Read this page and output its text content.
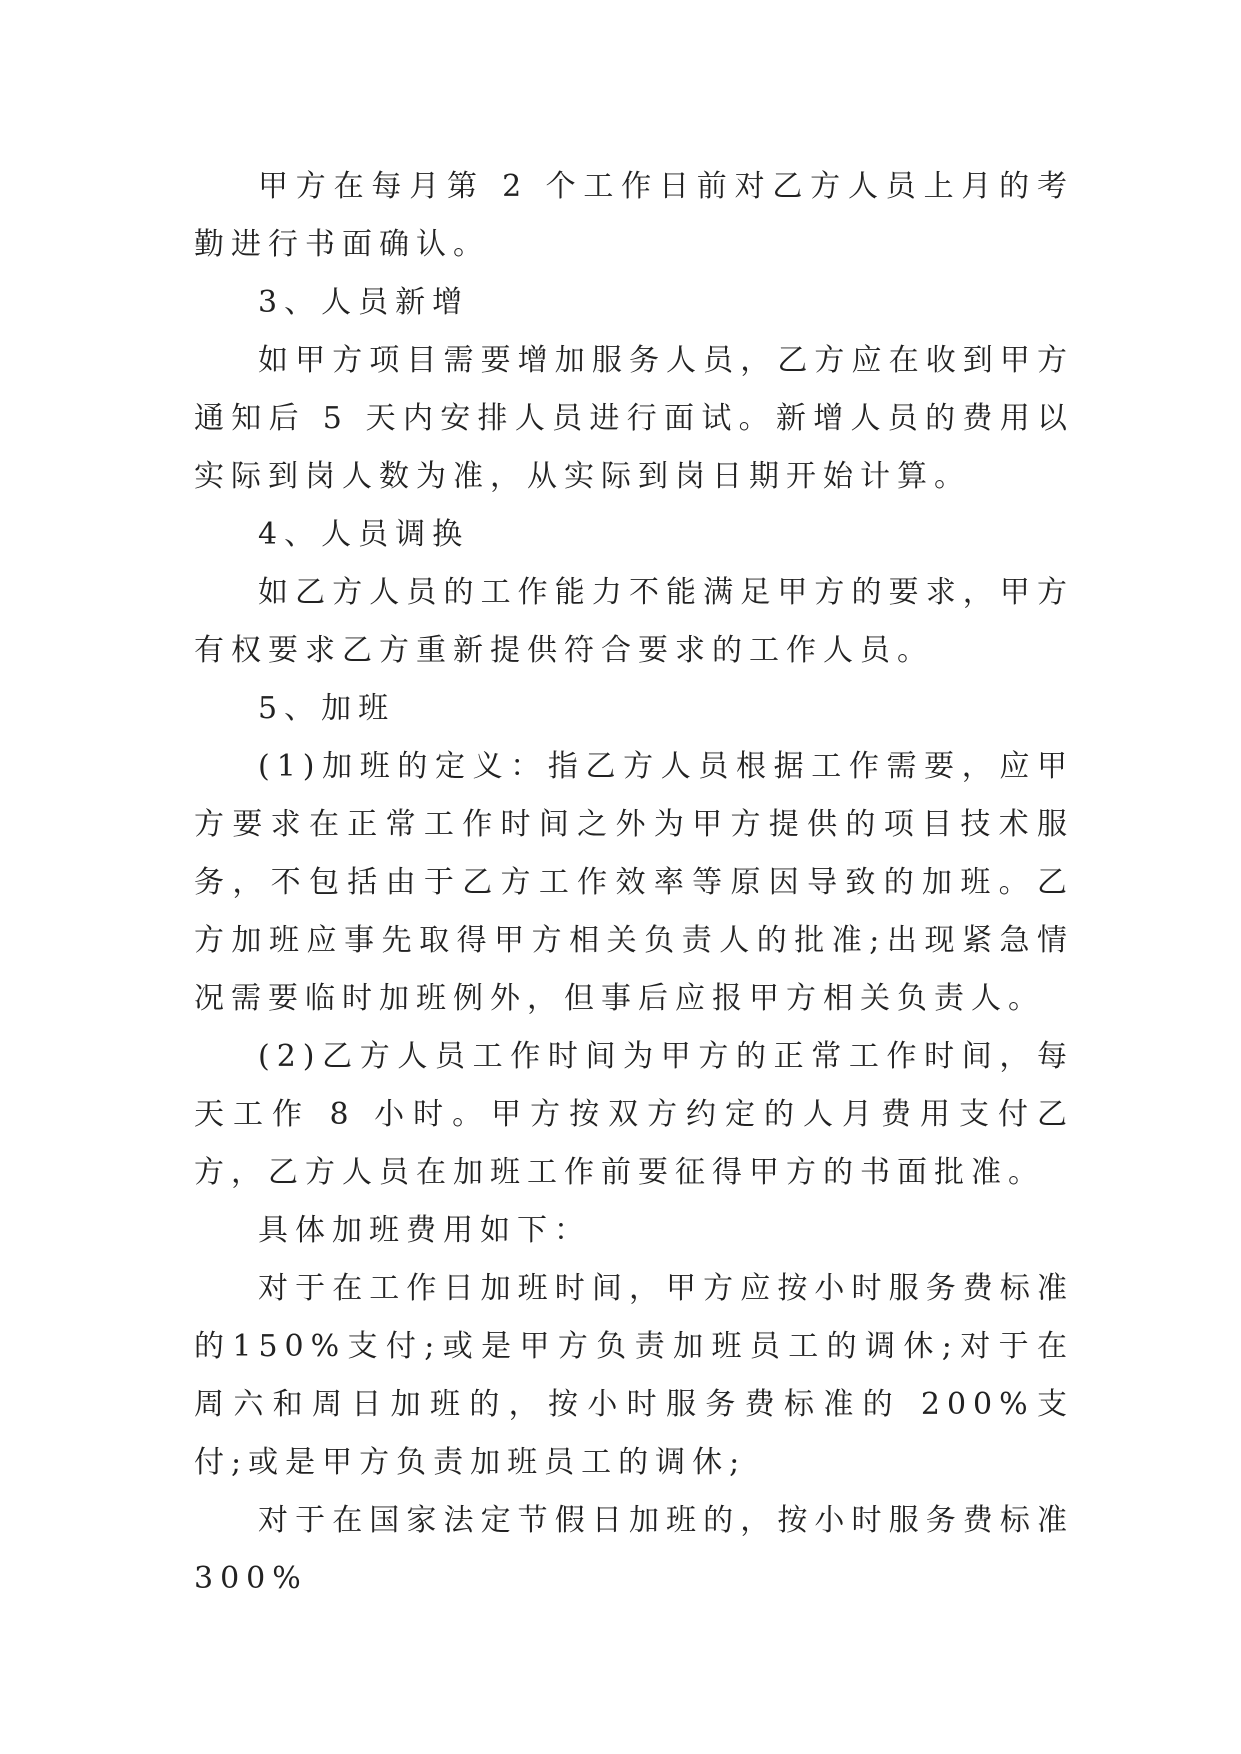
甲方在每月第 2 个工作日前对乙方人员上月的考勤进行书面确认。

3、人员新增

如甲方项目需要增加服务人员，乙方应在收到甲方通知后 5 天内安排人员进行面试。新增人员的费用以实际到岗人数为准，从实际到岗日期开始计算。

4、人员调换

如乙方人员的工作能力不能满足甲方的要求，甲方有权要求乙方重新提供符合要求的工作人员。

5、加班

(1)加班的定义：指乙方人员根据工作需要，应甲方要求在正常工作时间之外为甲方提供的项目技术服务，不包括由于乙方工作效率等原因导致的加班。乙方加班应事先取得甲方相关负责人的批准;出现紧急情况需要临时加班例外，但事后应报甲方相关负责人。

(2)乙方人员工作时间为甲方的正常工作时间，每天工作 8 小时。甲方按双方约定的人月费用支付乙方，乙方人员在加班工作前要征得甲方的书面批准。

具体加班费用如下：

对于在工作日加班时间，甲方应按小时服务费标准的150%支付;或是甲方负责加班员工的调休;对于在周六和周日加班的，按小时服务费标准的 200%支付;或是甲方负责加班员工的调休;

对于在国家法定节假日加班的，按小时服务费标准 300%
